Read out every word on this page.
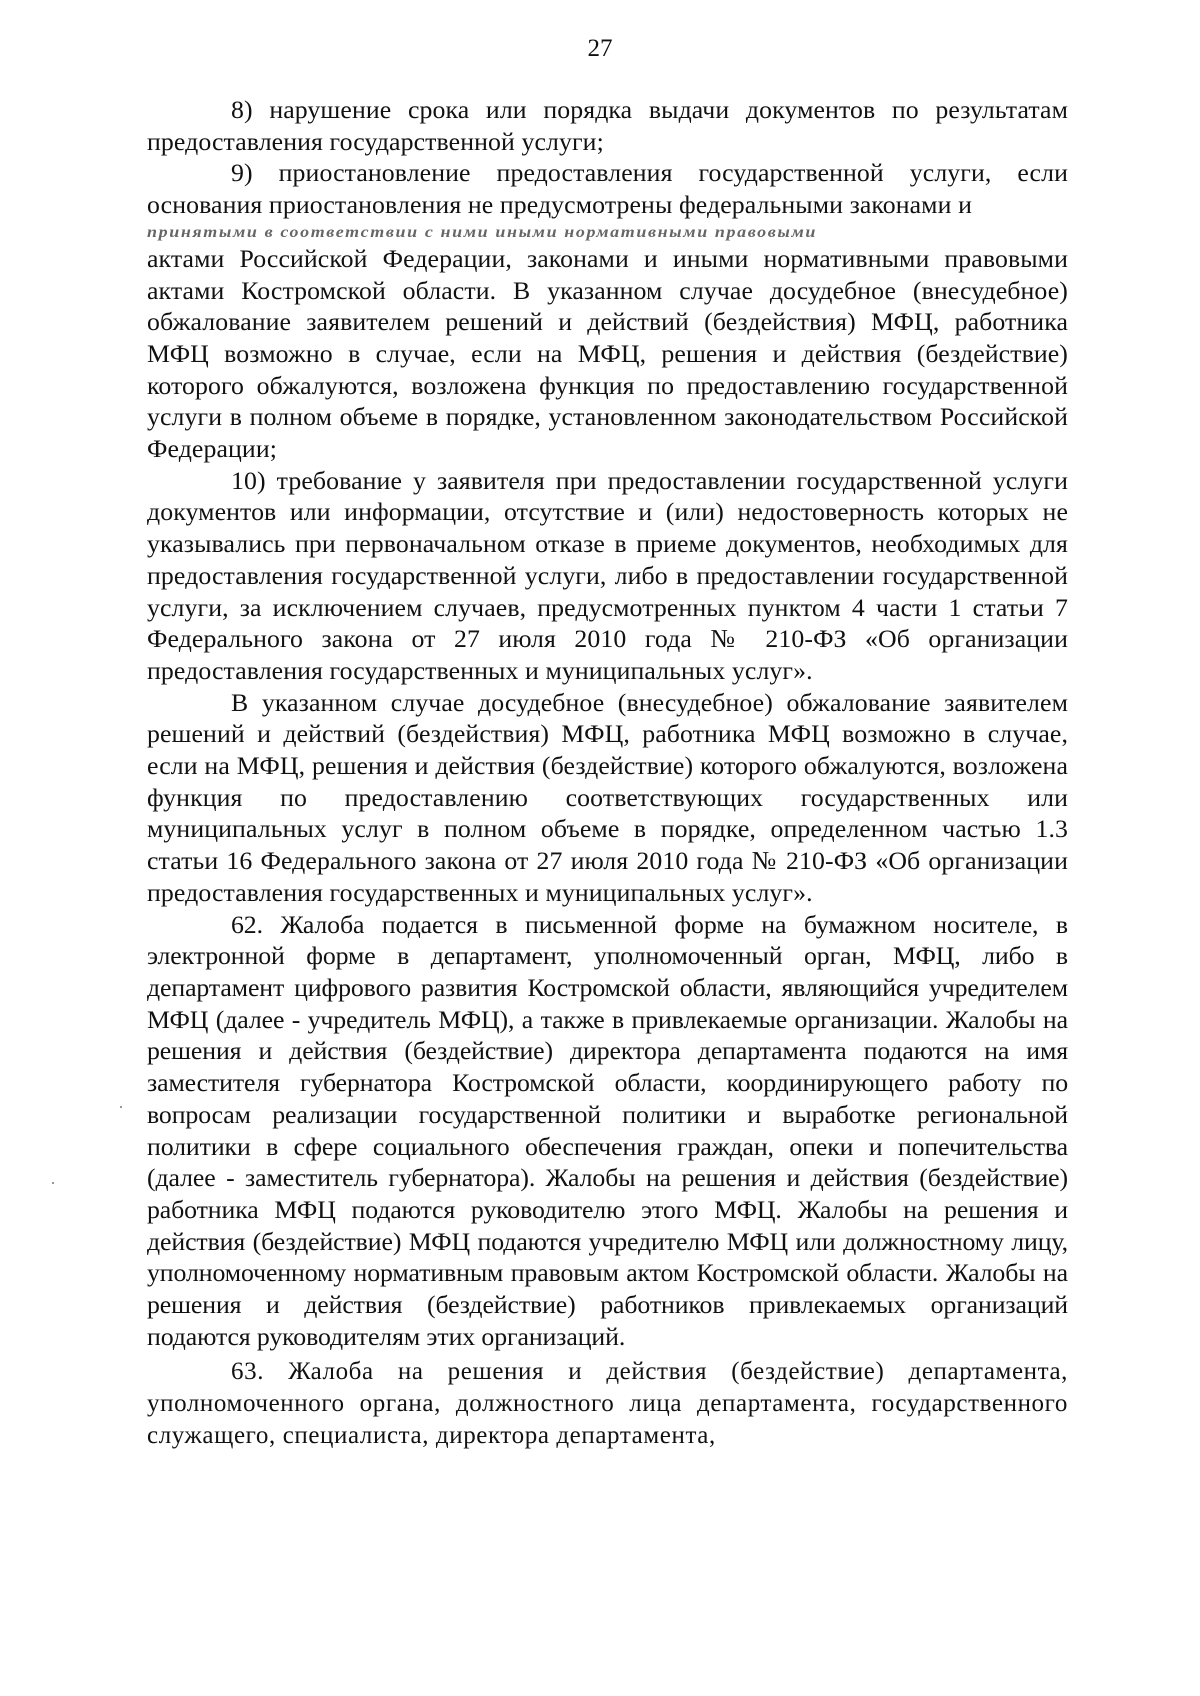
27

8) нарушение срока или порядка выдачи документов по результатам предоставления государственной услуги;

9) приостановление предоставления государственной услуги, если основания приостановления не предусмотрены федеральными законами и

принятыми в соответствии с ними иными нормативными правовыми

актами Российской Федерации, законами и иными нормативными правовыми актами Костромской области. В указанном случае досудебное (внесудебное) обжалование заявителем решений и действий (бездействия) МФЦ, работника МФЦ возможно в случае, если на МФЦ, решения и действия (бездействие) которого обжалуются, возложена функция по предоставлению государственной услуги в полном объеме в порядке, установленном законодательством Российской Федерации;

10) требование у заявителя при предоставлении государственной услуги документов или информации, отсутствие и (или) недостоверность которых не указывались при первоначальном отказе в приеме документов, необходимых для предоставления государственной услуги, либо в предоставлении государственной услуги, за исключением случаев, предусмотренных пунктом 4 части 1 статьи 7 Федерального закона от 27 июля 2010 года № 210-ФЗ «Об организации предоставления государственных и муниципальных услуг».

В указанном случае досудебное (внесудебное) обжалование заявителем решений и действий (бездействия) МФЦ, работника МФЦ возможно в случае, если на МФЦ, решения и действия (бездействие) которого обжалуются, возложена функция по предоставлению соответствующих государственных или муниципальных услуг в полном объеме в порядке, определенном частью 1.3 статьи 16 Федерального закона от 27 июля 2010 года № 210-ФЗ «Об организации предоставления государственных и муниципальных услуг».

62. Жалоба подается в письменной форме на бумажном носителе, в электронной форме в департамент, уполномоченный орган, МФЦ, либо в департамент цифрового развития Костромской области, являющийся учредителем МФЦ (далее - учредитель МФЦ), а также в привлекаемые организации. Жалобы на решения и действия (бездействие) директора департамента подаются на имя заместителя губернатора Костромской области, координирующего работу по вопросам реализации государственной политики и выработке региональной политики в сфере социального обеспечения граждан, опеки и попечительства (далее - заместитель губернатора). Жалобы на решения и действия (бездействие) работника МФЦ подаются руководителю этого МФЦ. Жалобы на решения и действия (бездействие) МФЦ подаются учредителю МФЦ или должностному лицу, уполномоченному нормативным правовым актом Костромской области. Жалобы на решения и действия (бездействие) работников привлекаемых организаций подаются руководителям этих организаций.

63. Жалоба на решения и действия (бездействие) департамента, уполномоченного органа, должностного лица департамента, государственного служащего, специалиста, директора департамента,
